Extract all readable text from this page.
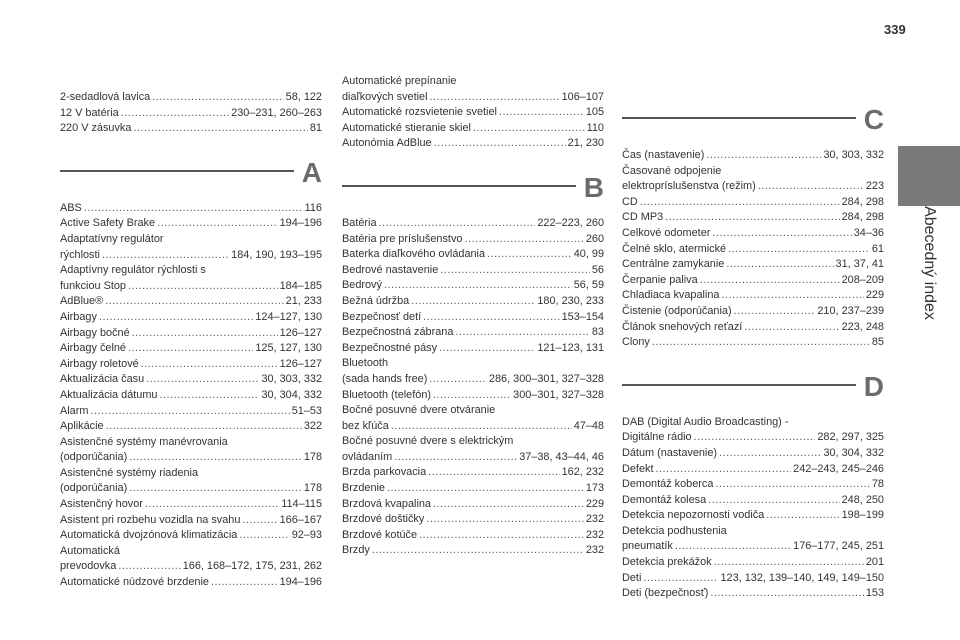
339
Abecedný index
2-sedadlová lavica .....	58, 122
12 V batéria .....	230–231, 260–263
220 V zásuvka .....	81
A
ABS .....	116
Active Safety Brake .....	194–196
Adaptatívny regulátor
rýchlosti .....	184, 190, 193–195
Adaptívny regulátor rýchlosti s
funkciou Stop .....	184–185
AdBlue® .....	21, 233
Airbagy .....	124–127, 130
Airbagy bočné .....	126–127
Airbagy čelné .....	125, 127, 130
Airbagy roletové .....	126–127
Aktualizácia času .....	30, 303, 332
Aktualizácia dátumu .....	30, 304, 332
Alarm .....	51–53
Aplikácie .....	322
Asistenčné systémy manévrovania
(odporúčania) .....	178
Asistenčné systémy riadenia
(odporúčania) .....	178
Asistenčný hovor .....	114–115
Asistent pri rozbehu vozidla na svahu .....	166–167
Automatická dvojzónová klimatizácia .....	92–93
Automatická
prevodovka .....	166, 168–172, 175, 231, 262
Automatické núdzové brzdenie .....	194–196
Automatické prepínanie
diaľkových svetiel .....	106–107
Automatické rozsvietenie svetiel .....	105
Automatické stieranie skiel .....	110
Autonómia AdBlue .....	21, 230
B
Batéria .....	222–223, 260
Batéria pre príslušenstvo .....	260
Baterka diaľkového ovládania .....	40, 99
Bedrové nastavenie .....	56
Bedrový .....	56, 59
Bežná údržba .....	180, 230, 233
Bezpečnosť detí .....	153–154
Bezpečnostná zábrana .....	83
Bezpečnostné pásy .....	121–123, 131
Bluetooth
(sada hands free) .....	286, 300–301, 327–328
Bluetooth (telefón) .....	300–301, 327–328
Bočné posuvné dvere otváranie
bez kľúča .....	47–48
Bočné posuvné dvere s elektrickým
ovládaním .....	37–38, 43–44, 46
Brzda parkovacia .....	162, 232
Brzdenie .....	173
Brzdová kvapalina .....	229
Brzdové doštičky .....	232
Brzdové kotúče .....	232
Brzdy .....	232
C
Čas (nastavenie) .....	30, 303, 332
Časované odpojenie
elektropríslušenstva (režim) .....	223
CD .....	284, 298
CD MP3 .....	284, 298
Celkové odometer .....	34–36
Čelné sklo, atermické .....	61
Centrálne zamykanie .....	31, 37, 41
Čerpanie paliva .....	208–209
Chladiaca kvapalina .....	229
Čistenie (odporúčania) .....	210, 237–239
Článok snehových reťazí .....	223, 248
Clony .....	85
D
DAB (Digital Audio Broadcasting) -
Digitálne rádio .....	282, 297, 325
Dátum (nastavenie) .....	30, 304, 332
Defekt .....	242–243, 245–246
Demontáž koberca .....	78
Demontáž kolesa .....	248, 250
Detekcia nepozornosti vodiča .....	198–199
Detekcia podhustenia
pneumatík .....	176–177, 245, 251
Detekcia prekážok .....	201
Deti .....	123, 132, 139–140, 149, 149–150
Deti (bezpečnosť) .....	153
